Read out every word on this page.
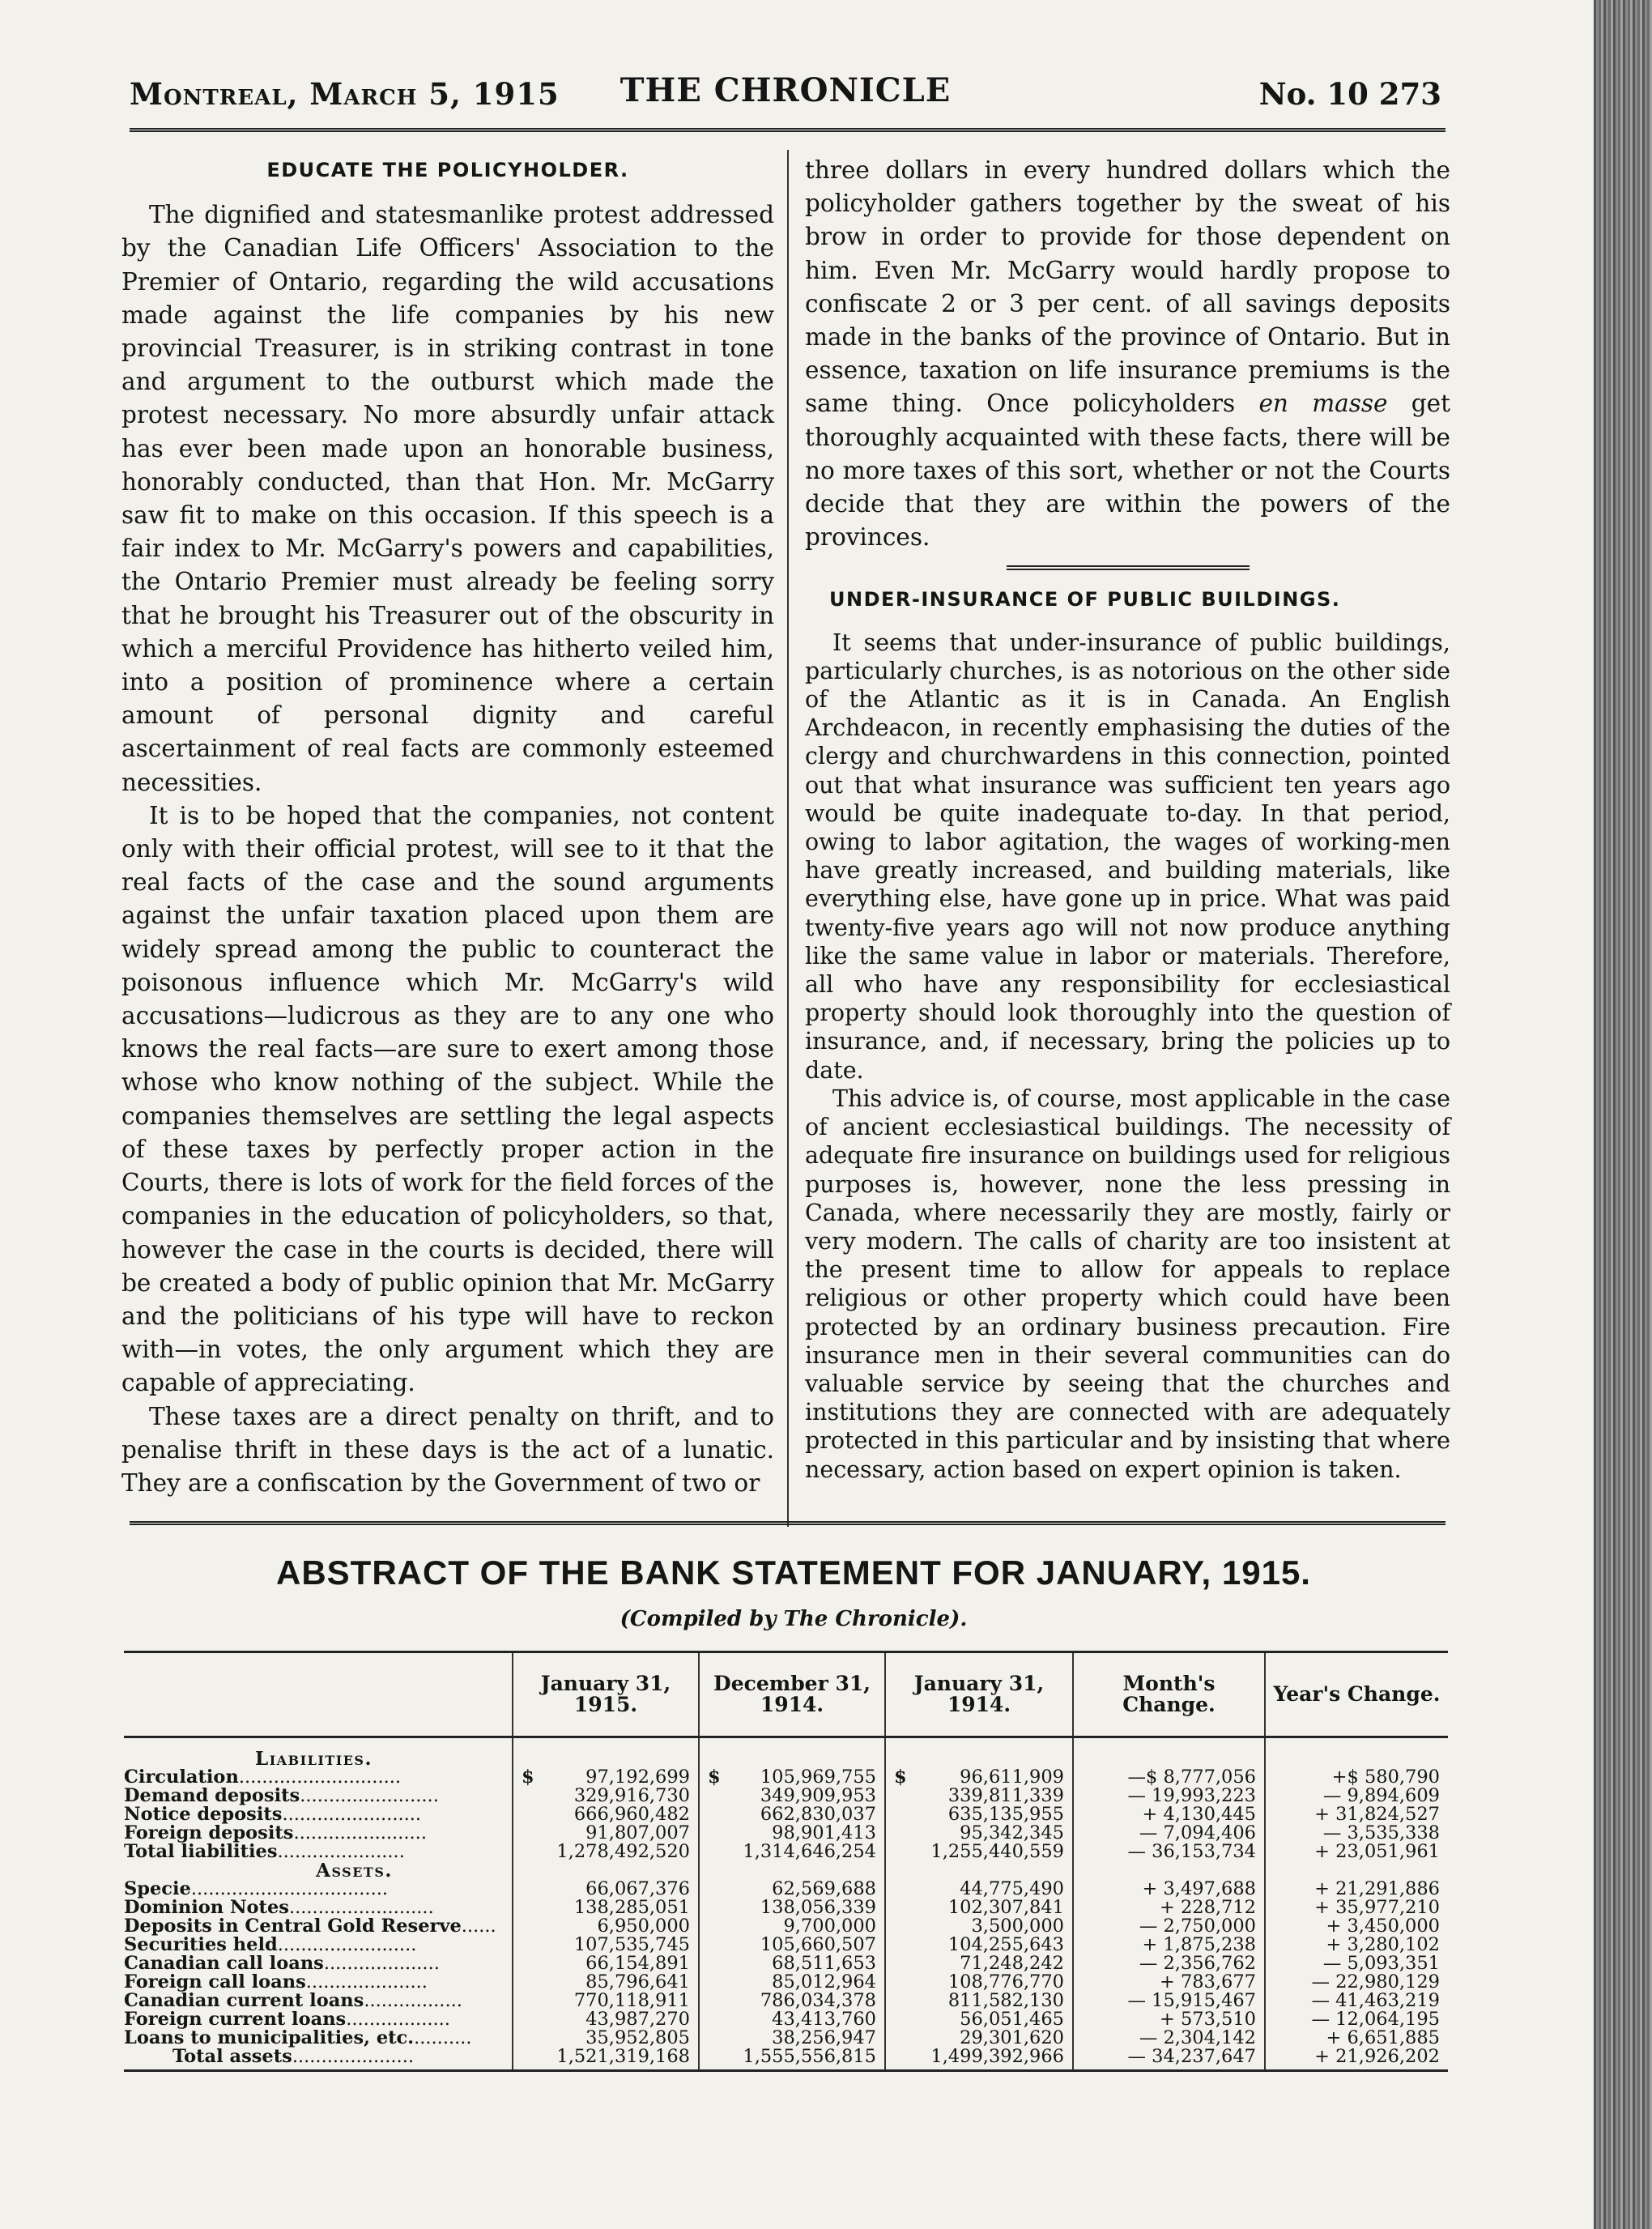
Montreal, March 5, 1915	THE CHRONICLE	No. 10 273
EDUCATE THE POLICYHOLDER.

The dignified and statesmanlike protest addressed by the Canadian Life Officers' Association to the Premier of Ontario, regarding the wild accusations made against the life companies by his new provincial Treasurer, is in striking contrast in tone and argument to the outburst which made the protest necessary. No more absurdly unfair attack has ever been made upon an honorable business, honorably conducted, than that Hon. Mr. McGarry saw fit to make on this occasion. If this speech is a fair index to Mr. McGarry's powers and capabilities, the Ontario Premier must already be feeling sorry that he brought his Treasurer out of the obscurity in which a merciful Providence has hitherto veiled him, into a position of prominence where a certain amount of personal dignity and careful ascertainment of real facts are commonly esteemed necessities.

It is to be hoped that the companies, not content only with their official protest, will see to it that the real facts of the case and the sound arguments against the unfair taxation placed upon them are widely spread among the public to counteract the poisonous influence which Mr. McGarry's wild accusations—ludicrous as they are to any one who knows the real facts—are sure to exert among those whose who know nothing of the subject. While the companies themselves are settling the legal aspects of these taxes by perfectly proper action in the Courts, there is lots of work for the field forces of the companies in the education of policyholders, so that, however the case in the courts is decided, there will be created a body of public opinion that Mr. McGarry and the politicians of his type will have to reckon with—in votes, the only argument which they are capable of appreciating.

These taxes are a direct penalty on thrift, and to penalise thrift in these days is the act of a lunatic. They are a confiscation by the Government of two or

three dollars in every hundred dollars which the policyholder gathers together by the sweat of his brow in order to provide for those dependent on him. Even Mr. McGarry would hardly propose to confiscate 2 or 3 per cent. of all savings deposits made in the banks of the province of Ontario. But in essence, taxation on life insurance premiums is the same thing. Once policyholders en masse get thoroughly acquainted with these facts, there will be no more taxes of this sort, whether or not the Courts decide that they are within the powers of the provinces.

UNDER-INSURANCE OF PUBLIC BUILDINGS.

It seems that under-insurance of public buildings, particularly churches, is as notorious on the other side of the Atlantic as it is in Canada. An English Archdeacon, in recently emphasising the duties of the clergy and churchwardens in this connection, pointed out that what insurance was sufficient ten years ago would be quite inadequate to-day. In that period, owing to labor agitation, the wages of working-men have greatly increased, and building materials, like everything else, have gone up in price. What was paid twenty-five years ago will not now produce anything like the same value in labor or materials. Therefore, all who have any responsibility for ecclesiastical property should look thoroughly into the question of insurance, and, if necessary, bring the policies up to date.

This advice is, of course, most applicable in the case of ancient ecclesiastical buildings. The necessity of adequate fire insurance on buildings used for religious purposes is, however, none the less pressing in Canada, where necessarily they are mostly, fairly or very modern. The calls of charity are too insistent at the present time to allow for appeals to replace religious or other property which could have been protected by an ordinary business precaution. Fire insurance men in their several communities can do valuable service by seeing that the churches and institutions they are connected with are adequately protected in this particular and by insisting that where necessary, action based on expert opinion is taken.

ABSTRACT OF THE BANK STATEMENT FOR JANUARY, 1915.
(Compiled by The Chronicle).
	January 31, 1915.	December 31, 1914.	January 31, 1914.	Month's Change.	Year's Change.
Liabilities.					
Circulation............................	$ 97,192,699	$ 105,969,755	$ 96,611,909	—$ 8,777,056	+$ 580,790
Demand deposits........................	329,916,730	349,909,953	339,811,339	— 19,993,223	— 9,894,609
Notice deposits........................	666,960,482	662,830,037	635,135,955	+ 4,130,445	+ 31,824,527
Foreign deposits.......................	91,807,007	98,901,413	95,342,345	— 7,094,406	— 3,535,338
Total liabilities......................	1,278,492,520	1,314,646,254	1,255,440,559	— 36,153,734	+ 23,051,961
Assets.					
Specie..................................	66,067,376	62,569,688	44,775,490	+ 3,497,688	+ 21,291,886
Dominion Notes.........................	138,285,051	138,056,339	102,307,841	+ 228,712	+ 35,977,210
Deposits in Central Gold Reserve......	6,950,000	9,700,000	3,500,000	— 2,750,000	+ 3,450,000
Securities held........................	107,535,745	105,660,507	104,255,643	+ 1,875,238	+ 3,280,102
Canadian call loans....................	66,154,891	68,511,653	71,248,242	— 2,356,762	— 5,093,351
Foreign call loans.....................	85,796,641	85,012,964	108,776,770	+ 783,677	— 22,980,129
Canadian current loans.................	770,118,911	786,034,378	811,582,130	— 15,915,467	— 41,463,219
Foreign current loans..................	43,987,270	43,413,760	56,051,465	+ 573,510	— 12,064,195
Loans to municipalities, etc...........	35,952,805	38,256,947	29,301,620	— 2,304,142	+ 6,651,885
Total assets.....................	1,521,319,168	1,555,556,815	1,499,392,966	— 34,237,647	+ 21,926,202
